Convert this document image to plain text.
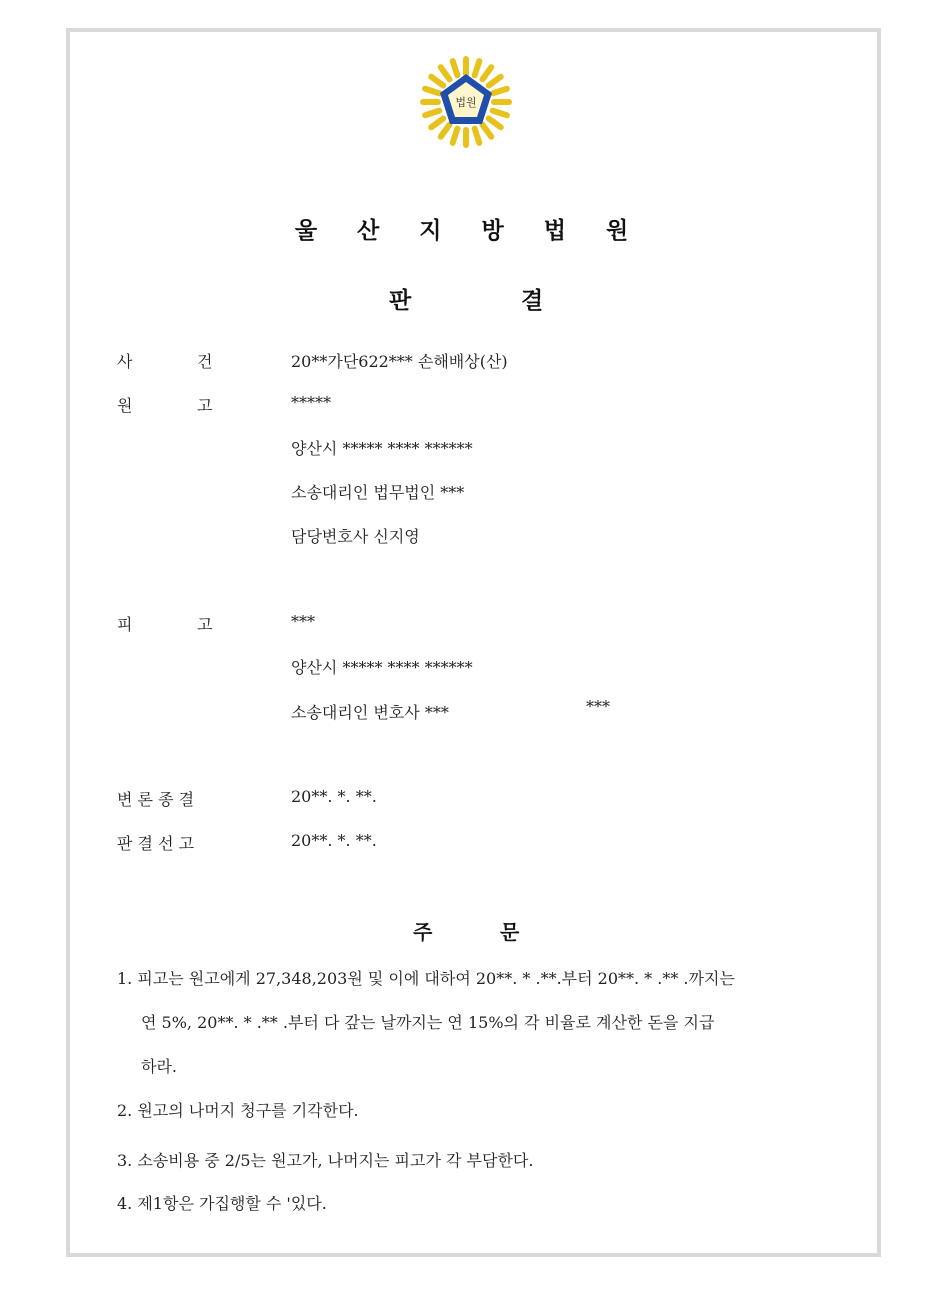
법원
울 산 지 방 법 원
판	결
사	건	20**가단622*** 손해배상(산)
원	고	*****
양산시 ***** **** ******
소송대리인 법무법인 ***
담당변호사 신지영
피	고	***
양산시 ***** **** ******
소송대리인 변호사 ***	***
변 론 종 결	20**. *. **.
판 결 선 고	20**. *. **.
주	문
1. 피고는 원고에게 27,348,203원 및 이에 대하여 20**. * .**.부터 20**. * .** .까지는
연 5%, 20**. * .** .부터 다 갚는 날까지는 연 15%의 각 비율로 계산한 돈을 지급
하라.
2. 원고의 나머지 청구를 기각한다.
3. 소송비용 중 2/5는 원고가, 나머지는 피고가 각 부담한다.
4. 제1항은 가집행할 수 '있다.
